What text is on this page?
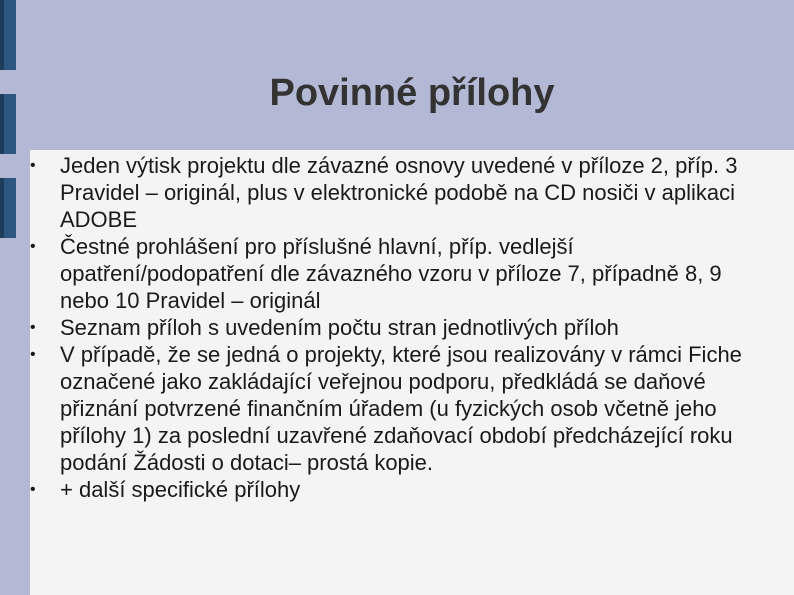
Povinné přílohy
•	Jeden výtisk projektu dle závazné osnovy uvedené v příloze 2, příp. 3 Pravidel – originál, plus v elektronické podobě na CD nosiči v aplikaci ADOBE
•	Čestné prohlášení pro příslušné hlavní, příp. vedlejší opatření/podopatření dle závazného vzoru v příloze 7, případně 8, 9 nebo 10 Pravidel – originál
•	Seznam příloh s uvedením počtu stran jednotlivých příloh
•	V případě, že se jedná o projekty, které jsou realizovány v rámci Fiche označené jako zakládající veřejnou podporu, předkládá se daňové přiznání potvrzené finančním úřadem (u fyzických osob včetně jeho přílohy 1) za poslední uzavřené zdaňovací období předcházející roku podání Žádosti o dotaci– prostá kopie.
•	+ další specifické přílohy
